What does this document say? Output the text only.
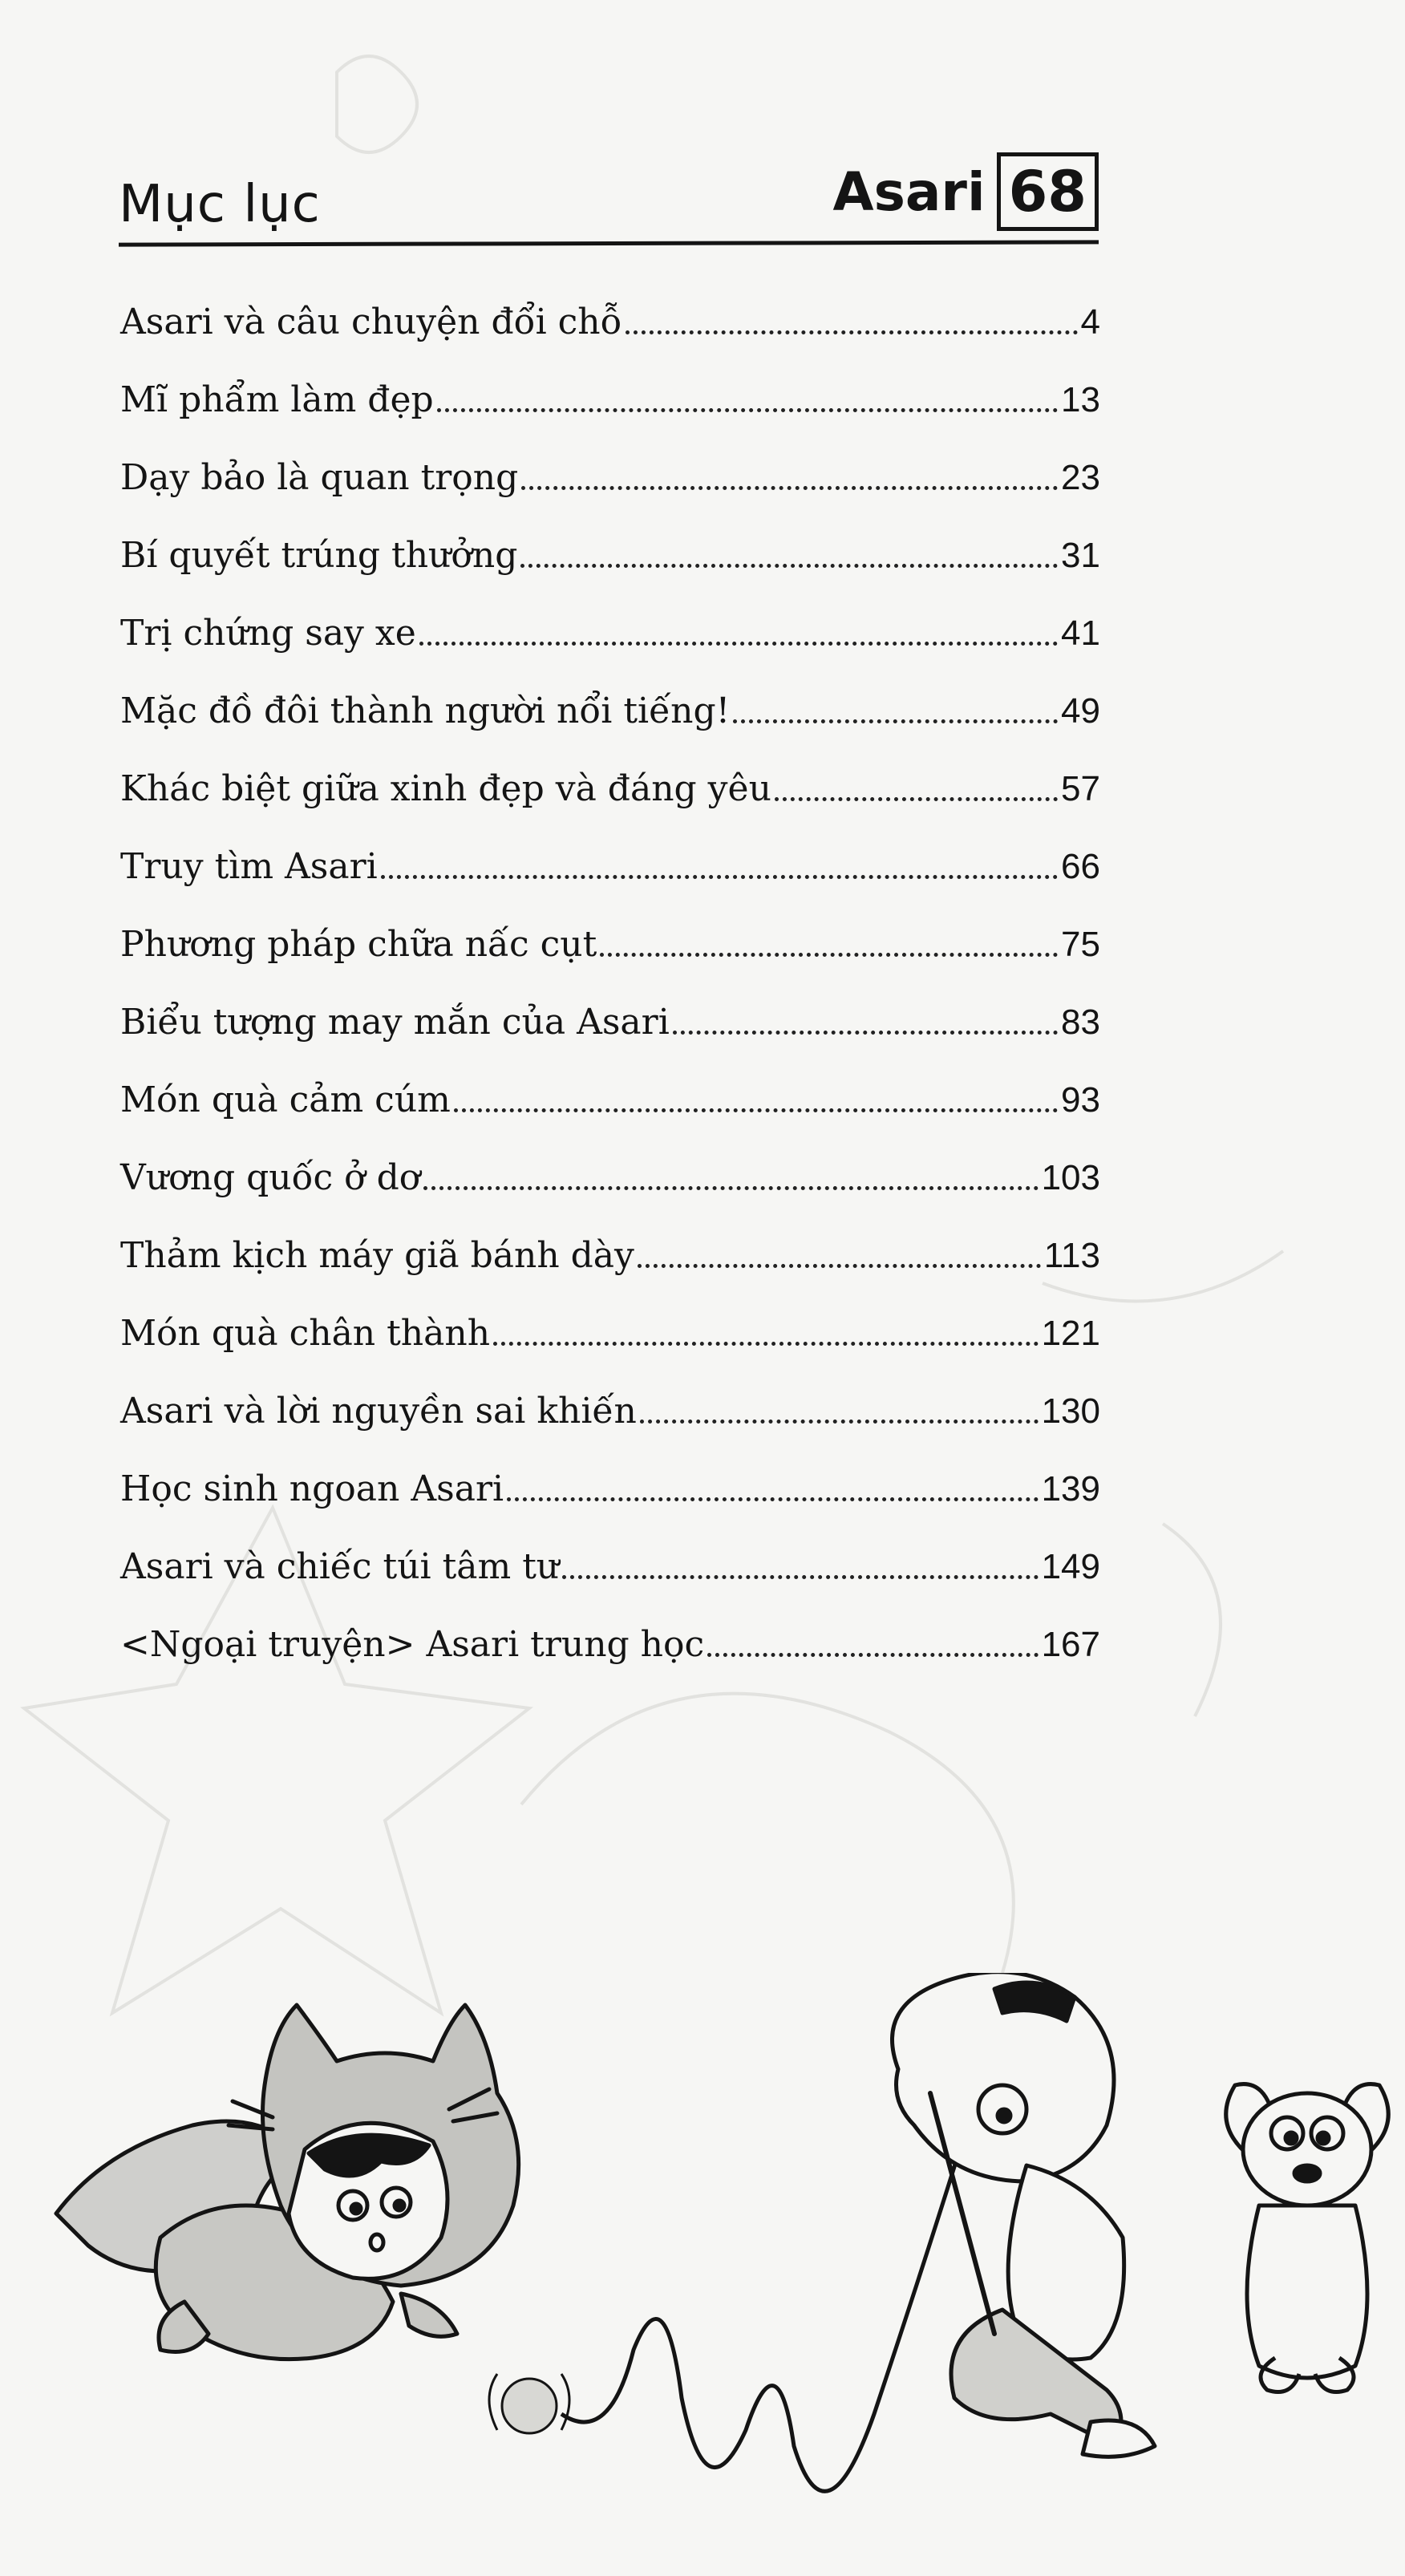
Mục lục	Asari 68
Asari và câu chuyện đổi chỗ	4
Mĩ phẩm làm đẹp	13
Dạy bảo là quan trọng	23
Bí quyết trúng thưởng	31
Trị chứng say xe	41
Mặc đồ đôi thành người nổi tiếng!	49
Khác biệt giữa xinh đẹp và đáng yêu	57
Truy tìm Asari	66
Phương pháp chữa nấc cụt	75
Biểu tượng may mắn của Asari	83
Món quà cảm cúm	93
Vương quốc ở dơ	103
Thảm kịch máy giã bánh dày	113
Món quà chân thành	121
Asari và lời nguyền sai khiến	130
Học sinh ngoan Asari	139
Asari và chiếc túi tâm tư	149
<Ngoại truyện> Asari trung học	167
